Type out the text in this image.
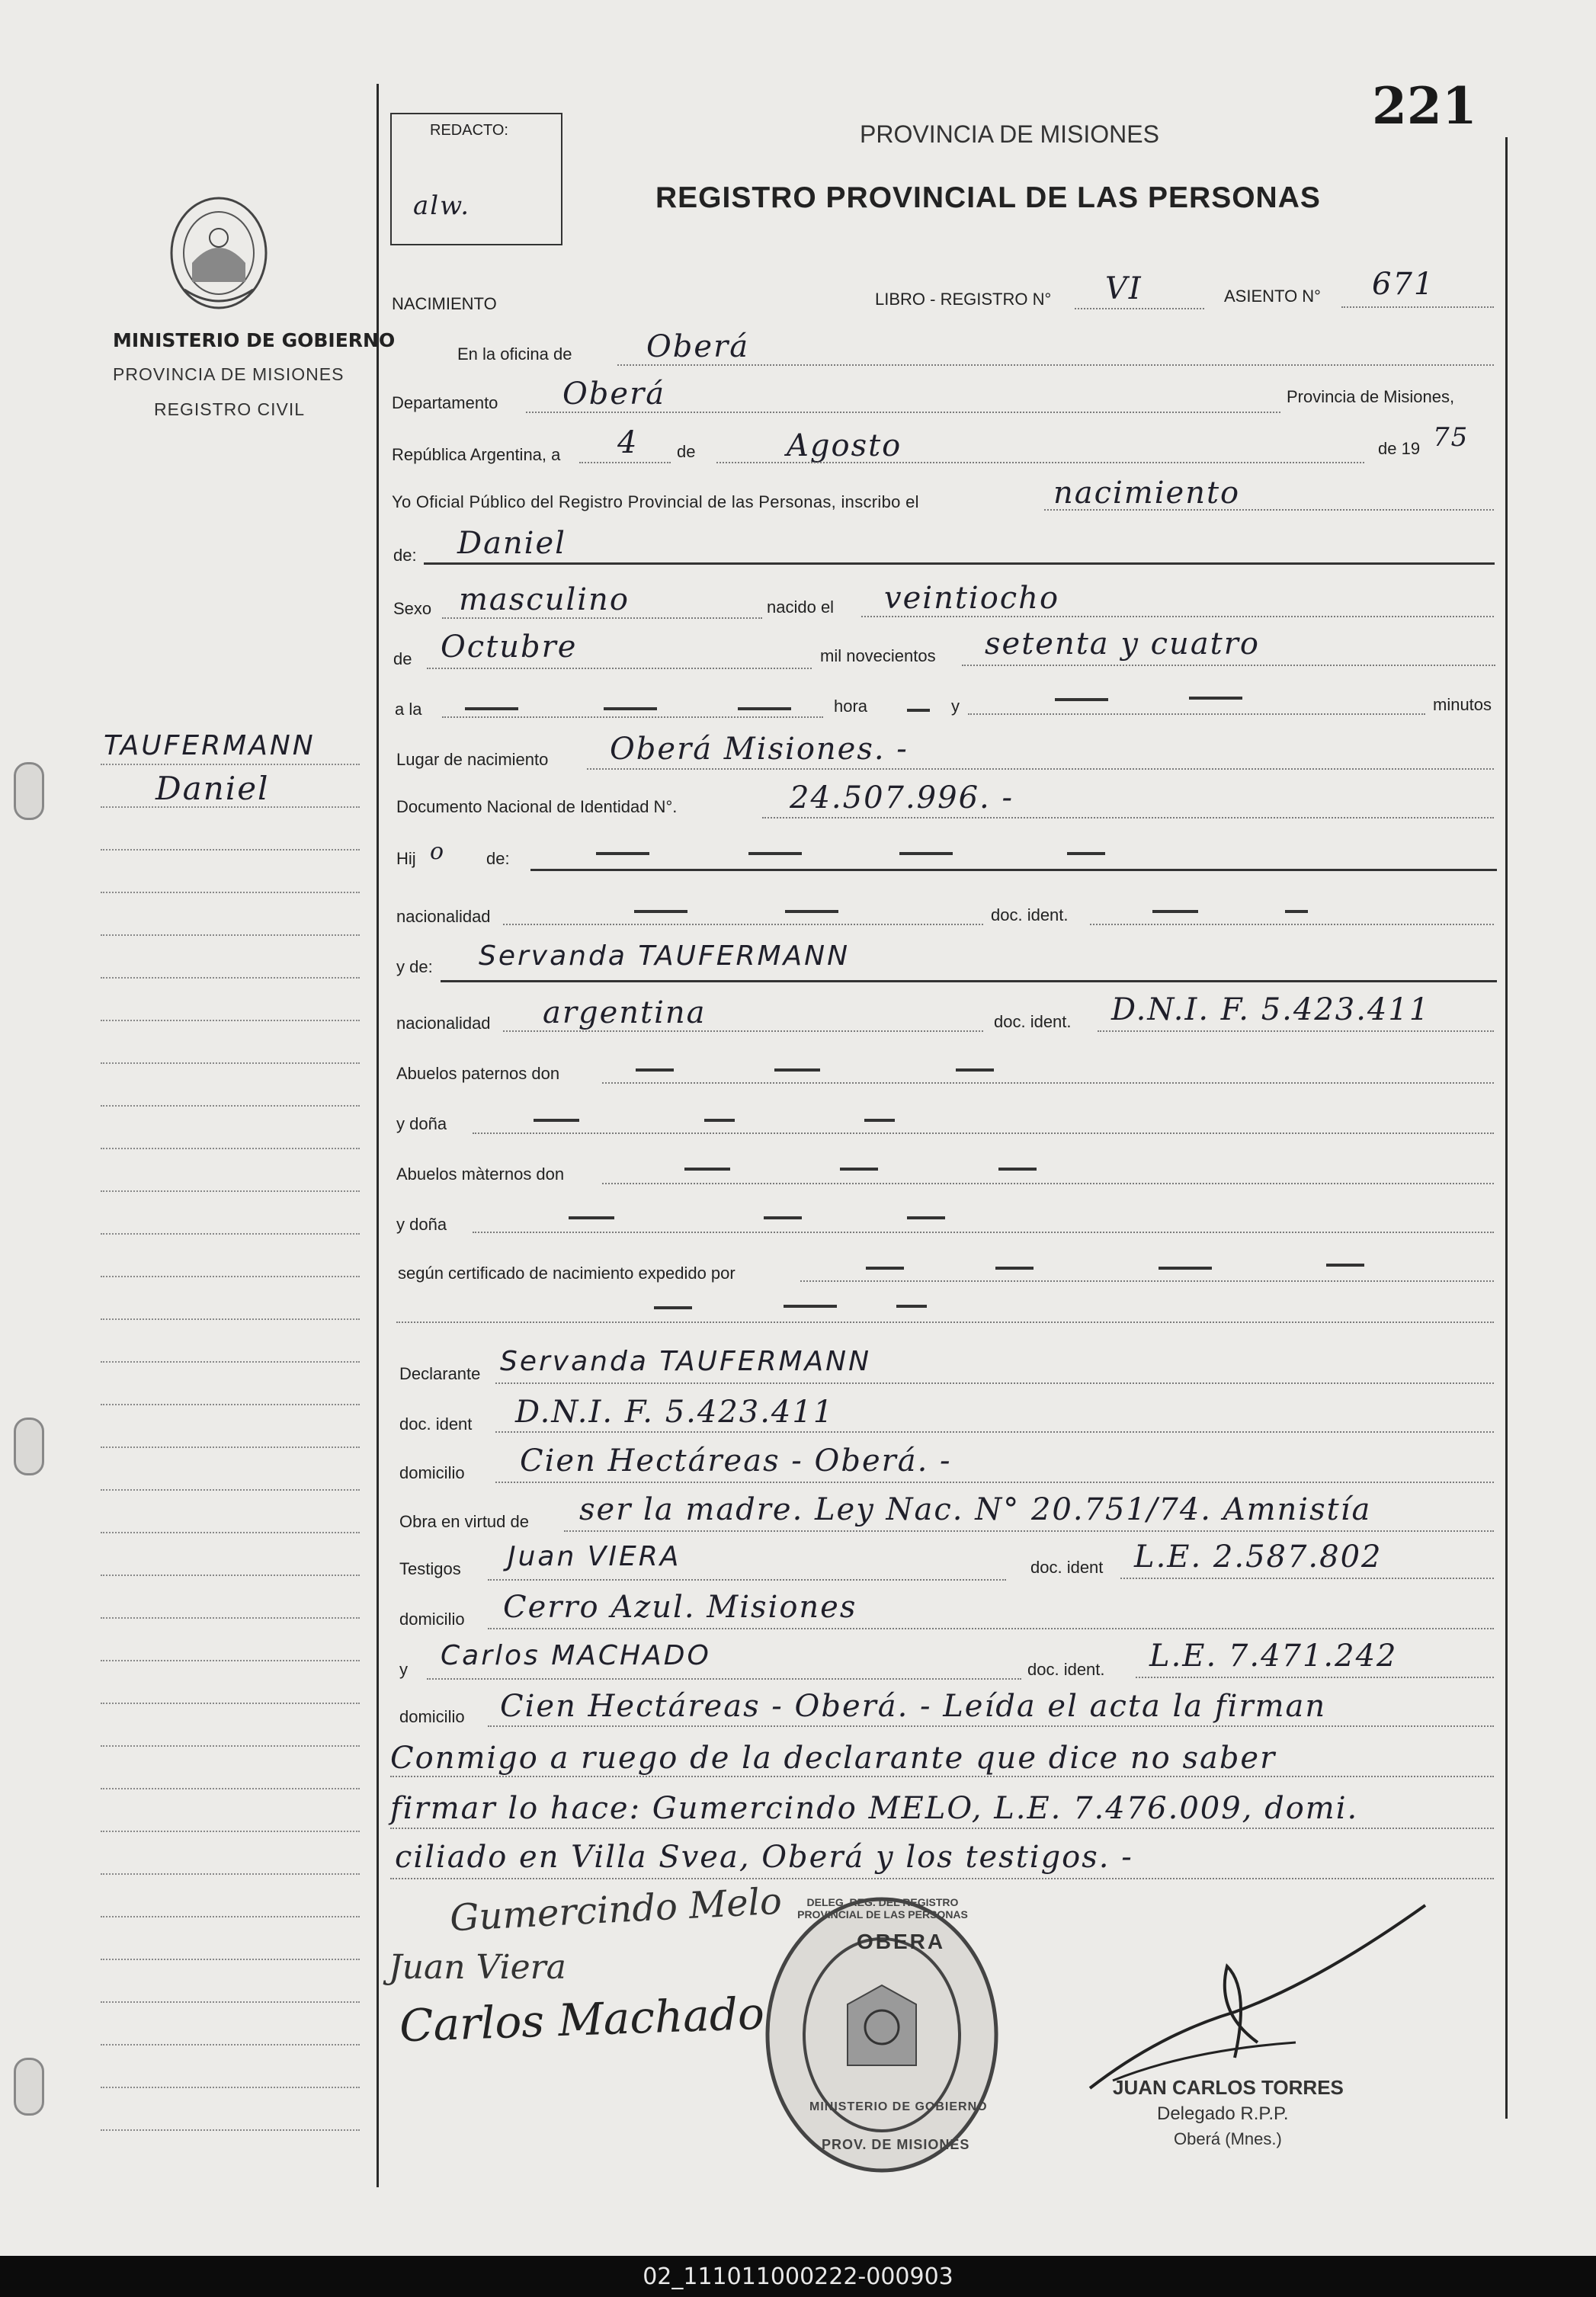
221
REDACTO:
alw.
PROVINCIA DE MISIONES
REGISTRO PROVINCIAL DE LAS PERSONAS
MINISTERIO DE GOBIERNO
PROVINCIA DE MISIONES
REGISTRO CIVIL
TAUFERMANN
Daniel
NACIMIENTO	LIBRO - REGISTRO N° VI	ASIENTO N° 671
En la oficina de Oberá
Departamento Oberá	Provincia de Misiones,
República Argentina, a 4 de	Agosto	de 19 75
Yo Oficial Público del Registro Provincial de las Personas, inscribo el	nacimiento
de: Daniel
Sexo masculino	nacido el veintiocho
de Octubre	mil novecientos setenta y cuatro
a la	hora	y	minutos
Lugar de nacimiento Oberá Misiones. -
Documento Nacional de Identidad N°.	24.507.996. -
Hij o de:
nacionalidad	doc. ident.
y de: Servanda TAUFERMANN
nacionalidad argentina	doc. ident. D.N.I. F. 5.423.411
Abuelos paternos don
y doña
Abuelos màternos don
y doña
según certificado de nacimiento expedido por
Declarante Servanda TAUFERMANN
doc. ident D.N.I. F. 5.423.411
domicilio Cien Hectáreas - Oberá. -
Obra en virtud de ser la madre. Ley Nac. N° 20.751/74. Amnistía
Testigos Juan VIERA	doc. ident L.E. 2.587.802
domicilio Cerro Azul. Misiones
y Carlos MACHADO	doc. ident. L.E. 7.471.242
domicilio Cien Hectáreas - Oberá. - Leída el acta la firman
Conmigo a ruego de la declarante que dice no saber
firmar lo hace: Gumercindo MELO, L.E. 7.476.009, domi.
ciliado en Villa Svea, Oberá y los testigos. -
Gumercindo Melo
Juan Viera
Carlos Machado
OBERA
DELEG. REG. DEL REGISTRO PROVINCIAL DE LAS PERSONAS
MINISTERIO DE GOBIERNO
PROV. DE MISIONES
JUAN CARLOS TORRES
Delegado R.P.P.
Oberá (Mnes.)
02_111011000222-000903
